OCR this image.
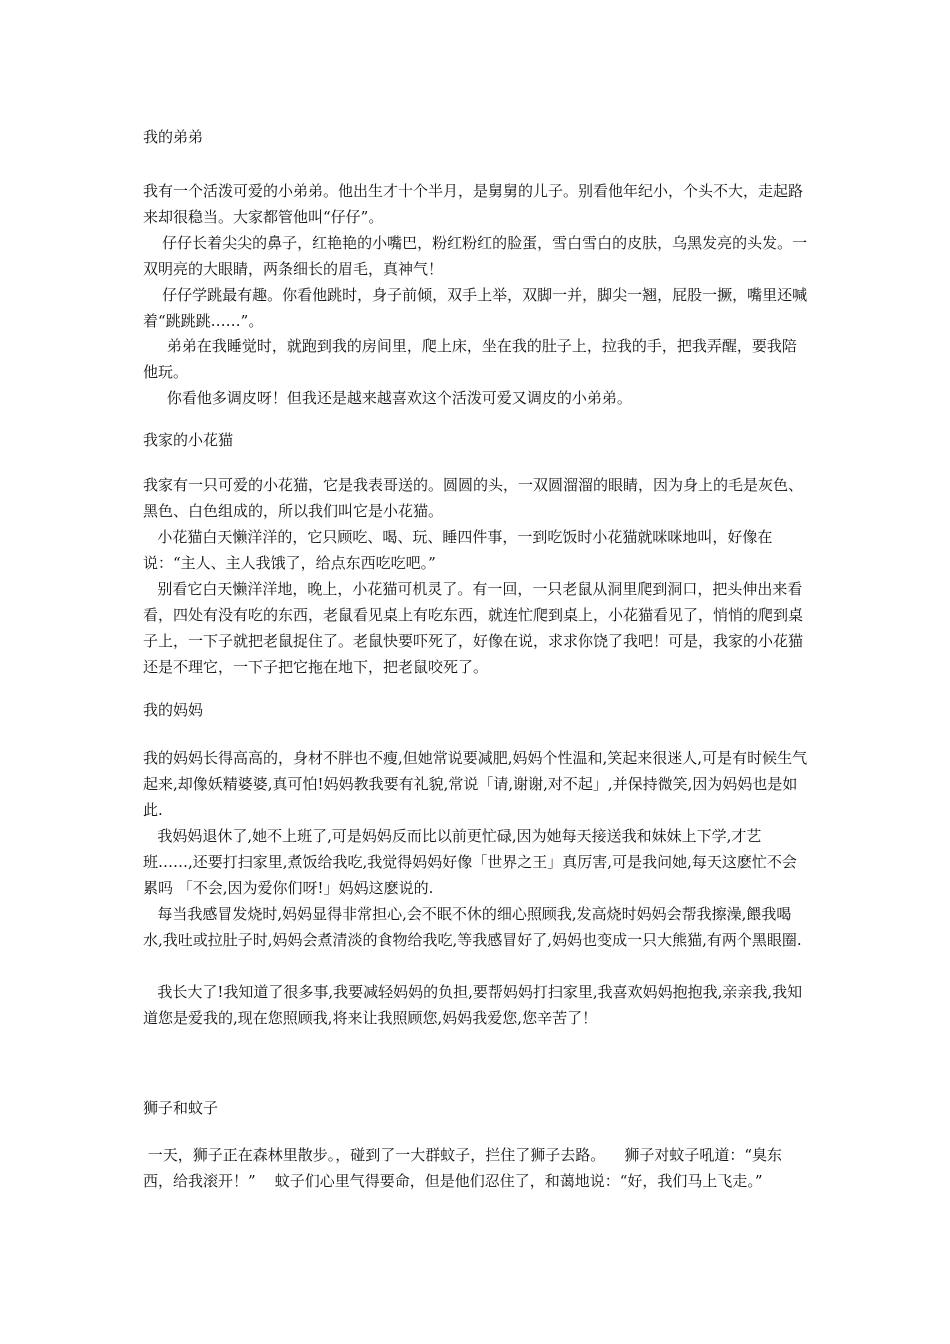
我的弟弟
我有一个活泼可爱的小弟弟。他出生才十个半月，是舅舅的儿子。别看他年纪小，个头不大，走起路来却很稳当。大家都管他叫“仔仔”。
仔仔长着尖尖的鼻子，红艳艳的小嘴巴，粉红粉红的脸蛋，雪白雪白的皮肤，乌黑发亮的头发。一双明亮的大眼睛，两条细长的眉毛，真神气！
仔仔学跳最有趣。你看他跳时，身子前倾，双手上举，双脚一并，脚尖一翘，屁股一撅，嘴里还喊着“跳跳跳……”。
弟弟在我睡觉时，就跑到我的房间里，爬上床，坐在我的肚子上，拉我的手，把我弄醒，要我陪他玩。
你看他多调皮呀！但我还是越来越喜欢这个活泼可爱又调皮的小弟弟。
我家的小花猫
我家有一只可爱的小花猫，它是我表哥送的。圆圆的头，一双圆溜溜的眼睛，因为身上的毛是灰色、黑色、白色组成的，所以我们叫它是小花猫。
小花猫白天懒洋洋的，它只顾吃、喝、玩、睡四件事，一到吃饭时小花猫就咪咪地叫，好像在说：“主人、主人我饿了，给点东西吃吃吧。”
别看它白天懒洋洋地，晚上，小花猫可机灵了。有一回，一只老鼠从洞里爬到洞口，把头伸出来看看，四处有没有吃的东西，老鼠看见桌上有吃东西，就连忙爬到桌上，小花猫看见了，悄悄的爬到桌子上，一下子就把老鼠捉住了。老鼠快要吓死了，好像在说，求求你饶了我吧！可是，我家的小花猫还是不理它，一下子把它拖在地下，把老鼠咬死了。
我的妈妈
我的妈妈长得高高的，身材不胖也不瘦,但她常说要减肥,妈妈个性温和,笑起来很迷人,可是有时候生气起来,却像妖精婆婆,真可怕!妈妈教我要有礼貌,常说「请,谢谢,对不起」,并保持微笑,因为妈妈也是如此.
我妈妈退休了,她不上班了,可是妈妈反而比以前更忙碌,因为她每天接送我和妹妹上下学,才艺班……,还要打扫家里,煮饭给我吃,我觉得妈妈好像「世界之王」真厉害,可是我问她,每天这麽忙不会累吗 「不会,因为爱你们呀!」妈妈这麽说的.
每当我感冒发烧时,妈妈显得非常担心,会不眠不休的细心照顾我,发高烧时妈妈会帮我擦澡,餵我喝水,我吐或拉肚子时,妈妈会煮清淡的食物给我吃,等我感冒好了,妈妈也变成一只大熊猫,有两个黑眼圈.
我长大了!我知道了很多事,我要减轻妈妈的负担,要帮妈妈打扫家里,我喜欢妈妈抱抱我,亲亲我,我知道您是爱我的,现在您照顾我,将来让我照顾您,妈妈我爱您,您辛苦了！
狮子和蚊子
一天，狮子正在森林里散步。，碰到了一大群蚊子，拦住了狮子去路。    狮子对蚊子吼道：“臭东西，给我滚开！”    蚊子们心里气得要命，但是他们忍住了，和蔼地说：“好，我们马上飞走。”
